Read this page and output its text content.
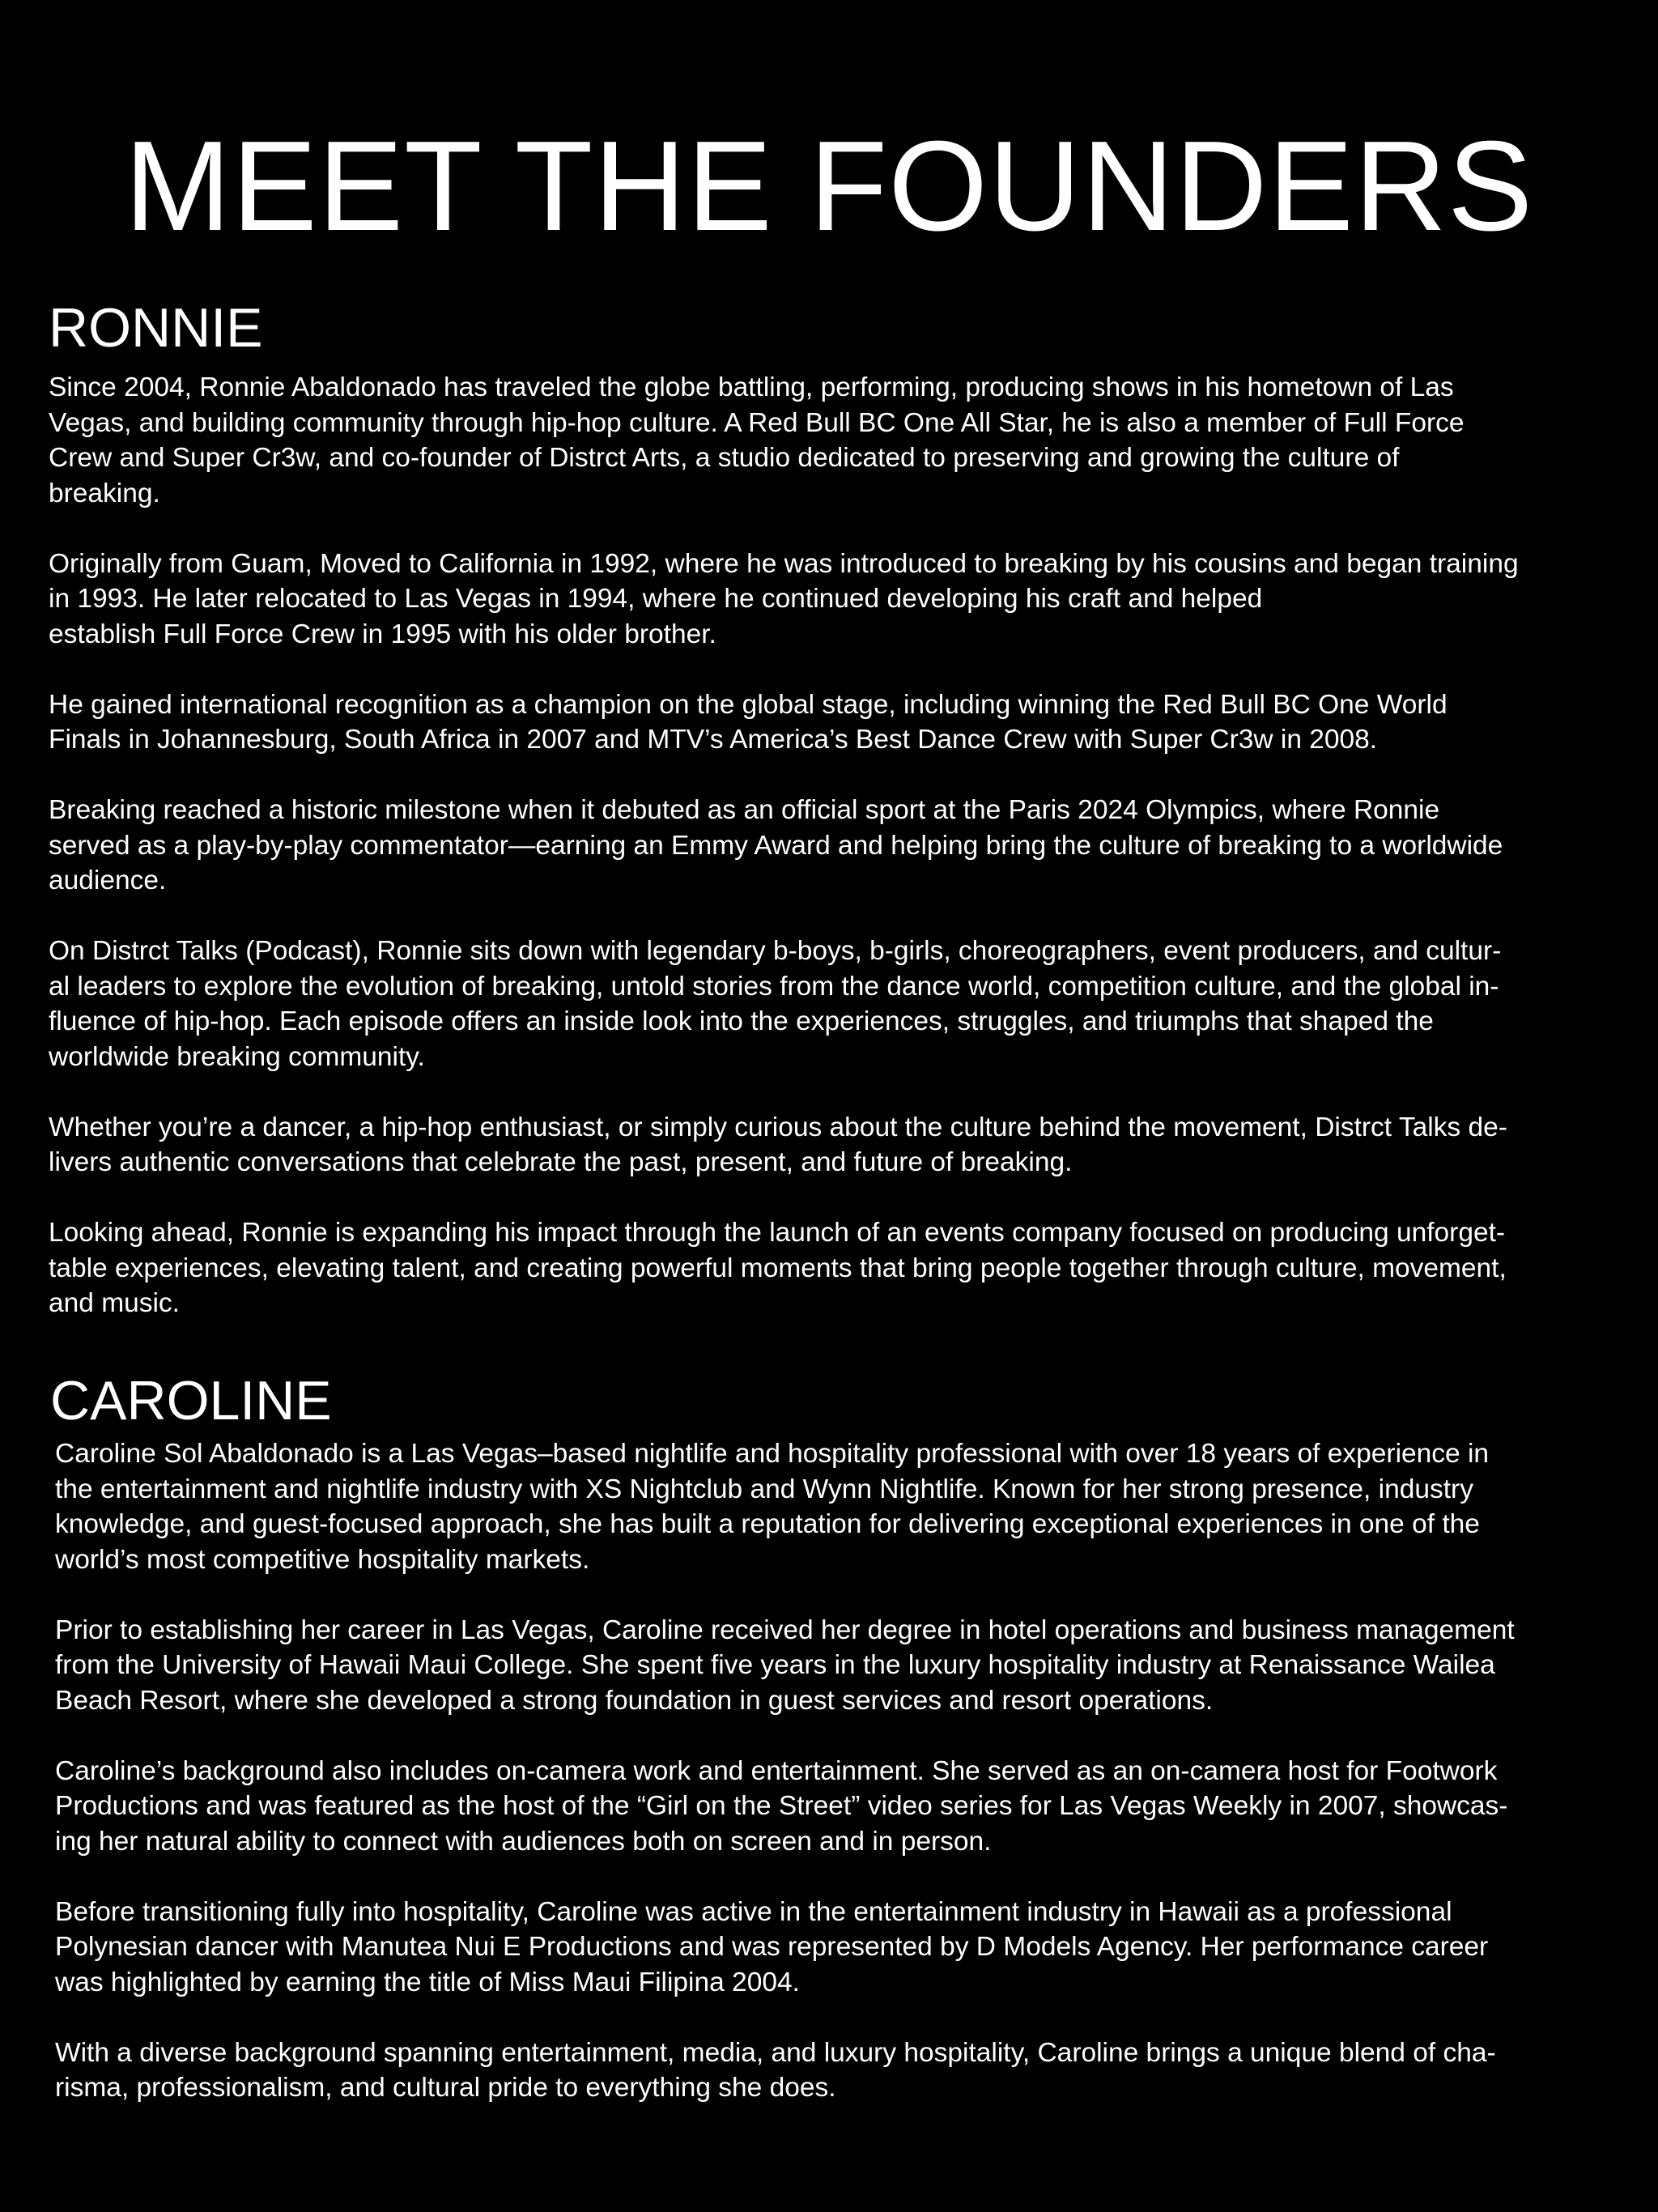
MEET THE FOUNDERS
RONNIE

Since 2004, Ronnie Abaldonado has traveled the globe battling, performing, producing shows in his hometown of Las
Vegas, and building community through hip-hop culture. A Red Bull BC One All Star, he is also a member of Full Force
Crew and Super Cr3w, and co-founder of Distrct Arts, a studio dedicated to preserving and growing the culture of
breaking.

Originally from Guam, Moved to California in 1992, where he was introduced to breaking by his cousins and began training
in 1993. He later relocated to Las Vegas in 1994, where he continued developing his craft and helped
establish Full Force Crew in 1995 with his older brother.

He gained international recognition as a champion on the global stage, including winning the Red Bull BC One World
Finals in Johannesburg, South Africa in 2007 and MTV’s America’s Best Dance Crew with Super Cr3w in 2008.

Breaking reached a historic milestone when it debuted as an official sport at the Paris 2024 Olympics, where Ronnie
served as a play-by-play commentator—earning an Emmy Award and helping bring the culture of breaking to a worldwide
audience.

On Distrct Talks (Podcast), Ronnie sits down with legendary b-boys, b-girls, choreographers, event producers, and cultur-
al leaders to explore the evolution of breaking, untold stories from the dance world, competition culture, and the global in-
fluence of hip-hop. Each episode offers an inside look into the experiences, struggles, and triumphs that shaped the
worldwide breaking community.

Whether you’re a dancer, a hip-hop enthusiast, or simply curious about the culture behind the movement, Distrct Talks de-
livers authentic conversations that celebrate the past, present, and future of breaking.

Looking ahead, Ronnie is expanding his impact through the launch of an events company focused on producing unforget-
table experiences, elevating talent, and creating powerful moments that bring people together through culture, movement,
and music.

CAROLINE

Caroline Sol Abaldonado is a Las Vegas–based nightlife and hospitality professional with over 18 years of experience in
the entertainment and nightlife industry with XS Nightclub and Wynn Nightlife. Known for her strong presence, industry
knowledge, and guest-focused approach, she has built a reputation for delivering exceptional experiences in one of the
world’s most competitive hospitality markets.

Prior to establishing her career in Las Vegas, Caroline received her degree in hotel operations and business management
from the University of Hawaii Maui College. She spent five years in the luxury hospitality industry at Renaissance Wailea
Beach Resort, where she developed a strong foundation in guest services and resort operations.

Caroline’s background also includes on-camera work and entertainment. She served as an on-camera host for Footwork
Productions and was featured as the host of the “Girl on the Street” video series for Las Vegas Weekly in 2007, showcas-
ing her natural ability to connect with audiences both on screen and in person.

Before transitioning fully into hospitality, Caroline was active in the entertainment industry in Hawaii as a professional
Polynesian dancer with Manutea Nui E Productions and was represented by D Models Agency. Her performance career
was highlighted by earning the title of Miss Maui Filipina 2004.

With a diverse background spanning entertainment, media, and luxury hospitality, Caroline brings a unique blend of cha-
risma, professionalism, and cultural pride to everything she does.
